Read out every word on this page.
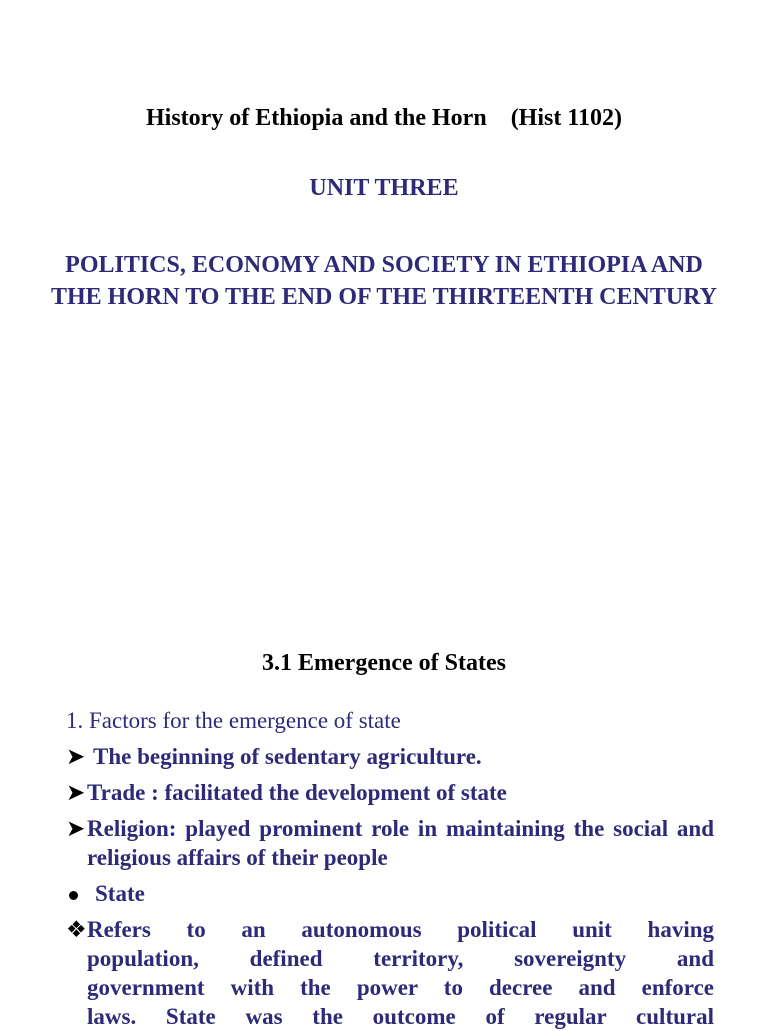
History of Ethiopia and the Horn (Hist 1102)
UNIT THREE
POLITICS, ECONOMY AND SOCIETY IN ETHIOPIA AND THE HORN TO THE END OF THE THIRTEENTH CENTURY
3.1 Emergence of States
1. Factors for the emergence of state
➤ The beginning of sedentary agriculture.
➤ Trade : facilitated the development of state
➤ Religion: played prominent role in maintaining the social and religious affairs of their people
State
❖ Refers to an autonomous political unit having
population, defined territory, sovereignty and
government with the power to decree and enforce
laws. State was the outcome of regular cultural
